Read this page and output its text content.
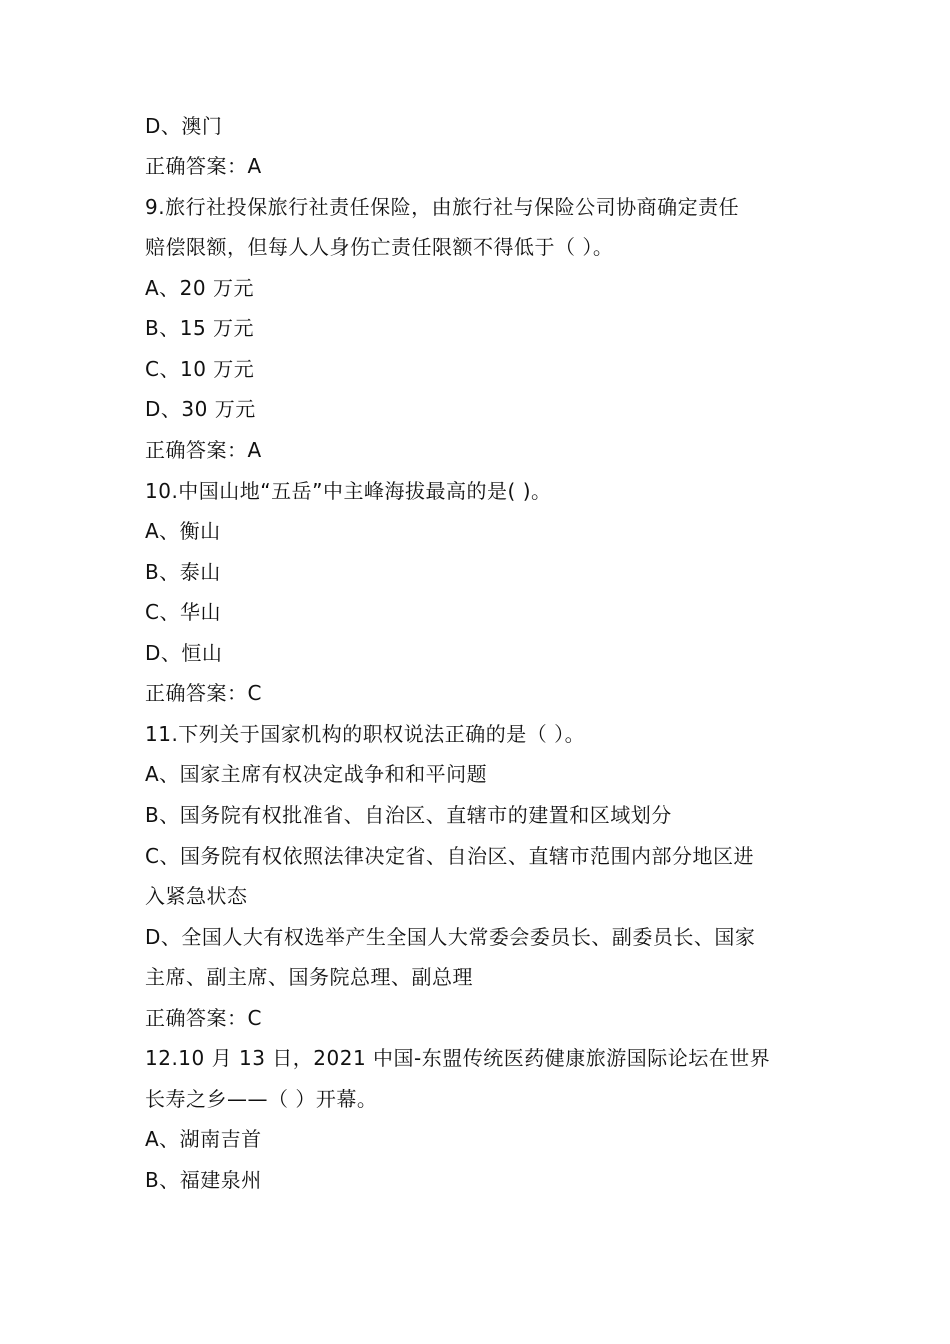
D、澳门
正确答案：A
9.旅行社投保旅行社责任保险，由旅行社与保险公司协商确定责任
赔偿限额，但每人人身伤亡责任限额不得低于（ ）。
A、20 万元
B、15 万元
C、10 万元
D、30 万元
正确答案：A
10.中国山地“五岳”中主峰海拔最高的是( )。
A、衡山
B、泰山
C、华山
D、恒山
正确答案：C
11.下列关于国家机构的职权说法正确的是（ ）。
A、国家主席有权决定战争和和平问题
B、国务院有权批准省、自治区、直辖市的建置和区域划分
C、国务院有权依照法律决定省、自治区、直辖市范围内部分地区进
入紧急状态
D、全国人大有权选举产生全国人大常委会委员长、副委员长、国家
主席、副主席、国务院总理、副总理
正确答案：C
12.10 月 13 日，2021 中国-东盟传统医药健康旅游国际论坛在世界
长寿之乡——（ ）开幕。
A、湖南吉首
B、福建泉州
